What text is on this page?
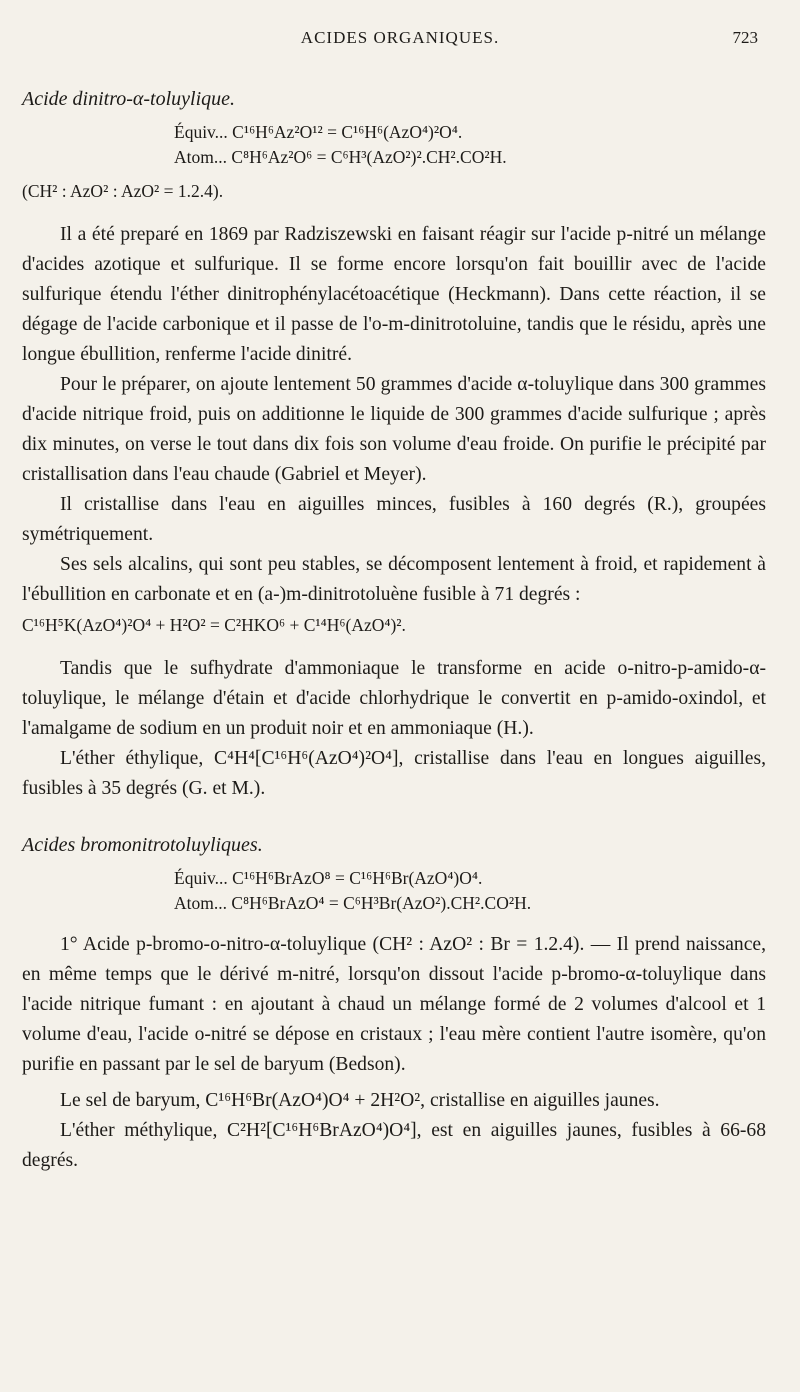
ACIDES ORGANIQUES.	723

Acide dinitro-α-toluylique.

Équiv... C¹⁶H⁶Az²O¹² = C¹⁶H⁶(AzO⁴)²O⁴.
Atom... C⁸H⁶Az²O⁶ = C⁶H³(AzO²)².CH².CO²H.

(CH² : AzO² : AzO² = 1.2.4).

Il a été preparé en 1869 par Radziszewski en faisant réagir sur l'acide p-nitré un mélange d'acides azotique et sulfurique. Il se forme encore lorsqu'on fait bouillir avec de l'acide sulfurique étendu l'éther dinitrophénylacétoacétique (Heckmann). Dans cette réaction, il se dégage de l'acide carbonique et il passe de l'o-m-dinitrotoluine, tandis que le résidu, après une longue ébullition, renferme l'acide dinitré.

Pour le préparer, on ajoute lentement 50 grammes d'acide α-toluylique dans 300 grammes d'acide nitrique froid, puis on additionne le liquide de 300 grammes d'acide sulfurique ; après dix minutes, on verse le tout dans dix fois son volume d'eau froide. On purifie le précipité par cristallisation dans l'eau chaude (Gabriel et Meyer).

Il cristallise dans l'eau en aiguilles minces, fusibles à 160 degrés (R.), groupées symétriquement.

Ses sels alcalins, qui sont peu stables, se décomposent lentement à froid, et rapidement à l'ébullition en carbonate et en (a-)m-dinitrotoluène fusible à 71 degrés :

C¹⁶H⁵K(AzO⁴)²O⁴ + H²O² = C²HKO⁶ + C¹⁴H⁶(AzO⁴)².

Tandis que le sufhydrate d'ammoniaque le transforme en acide o-nitro-p-amido-α-toluylique, le mélange d'étain et d'acide chlorhydrique le convertit en p-amido-oxindol, et l'amalgame de sodium en un produit noir et en ammoniaque (H.).

L'éther éthylique, C⁴H⁴[C¹⁶H⁶(AzO⁴)²O⁴], cristallise dans l'eau en longues aiguilles, fusibles à 35 degrés (G. et M.).

Acides bromonitrotoluyliques.

Équiv... C¹⁶H⁶BrAzO⁸ = C¹⁶H⁶Br(AzO⁴)O⁴.
Atom... C⁸H⁶BrAzO⁴ = C⁶H³Br(AzO²).CH².CO²H.

1° Acide p-bromo-o-nitro-α-toluylique (CH² : AzO² : Br = 1.2.4). — Il prend naissance, en même temps que le dérivé m-nitré, lorsqu'on dissout l'acide p-bromo-α-toluylique dans l'acide nitrique fumant : en ajoutant à chaud un mélange formé de 2 volumes d'alcool et 1 volume d'eau, l'acide o-nitré se dépose en cristaux ; l'eau mère contient l'autre isomère, qu'on purifie en passant par le sel de baryum (Bedson).

Le sel de baryum, C¹⁶H⁶Br(AzO⁴)O⁴ + 2H²O², cristallise en aiguilles jaunes.

L'éther méthylique, C²H²[C¹⁶H⁶BrAzO⁴)O⁴], est en aiguilles jaunes, fusibles à 66-68 degrés.
